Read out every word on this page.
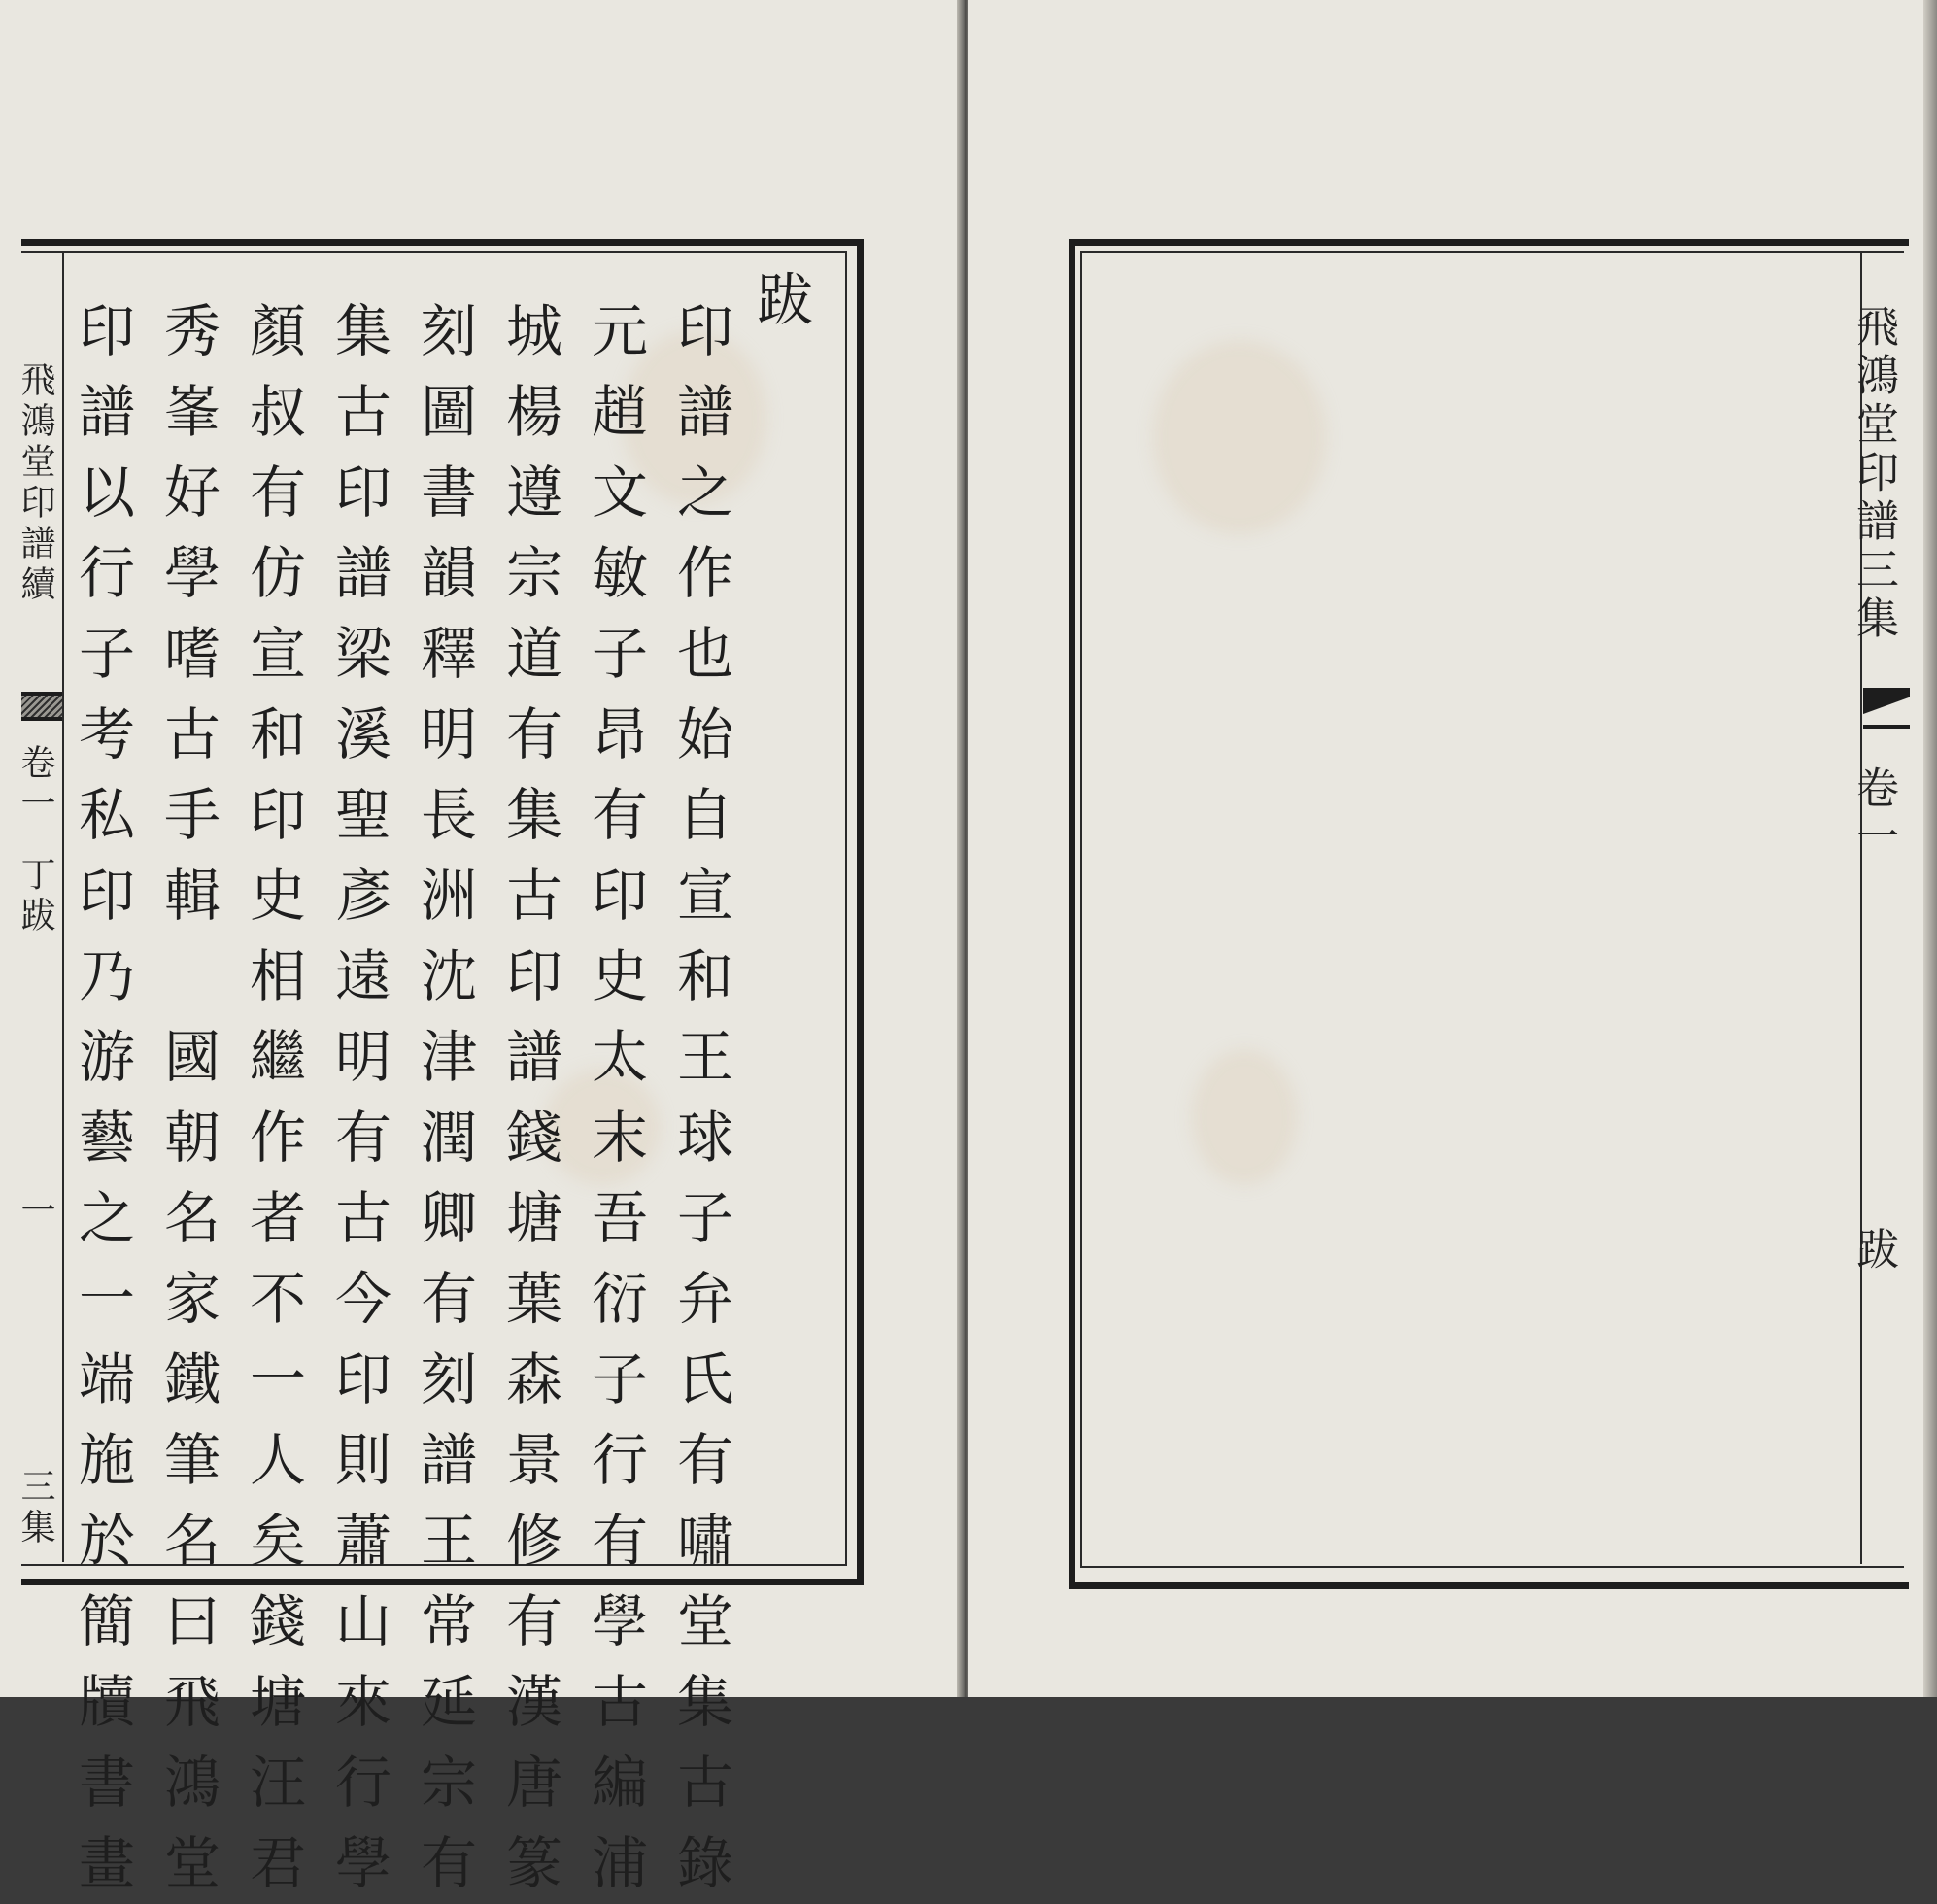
飛鴻堂印譜續
卷一
丁跋
一
三集
跋
印
譜
之
作
也
始
自
宣
和
王
球
子
弁
氏
有
嘯
堂
集
古
錄
元
趙
文
敏
子
昂
有
印
史
太
末
吾
衍
子
行
有
學
古
編
浦
城
楊
遵
宗
道
有
集
古
印
譜
錢
塘
葉
森
景
修
有
漢
唐
篆
刻
圖
書
韻
釋
明
長
洲
沈
津
潤
卿
有
刻
譜
王
常
延
宗
有
集
古
印
譜
梁
溪
聖
彥
遠
明
有
古
今
印
則
蕭
山
來
行
學
顏
叔
有
仿
宣
和
印
史
相
繼
作
者
不
一
人
矣
錢
塘
汪
君
秀
峯
好
學
嗜
古
手
輯

國
朝
名
家
鐵
筆
名
曰
飛
鴻
堂
印
譜
以
行
子
考
私
印
乃
游
藝
之
一
端
施
於
簡
牘
書
畫
飛鴻堂印譜三集
卷一
跋
